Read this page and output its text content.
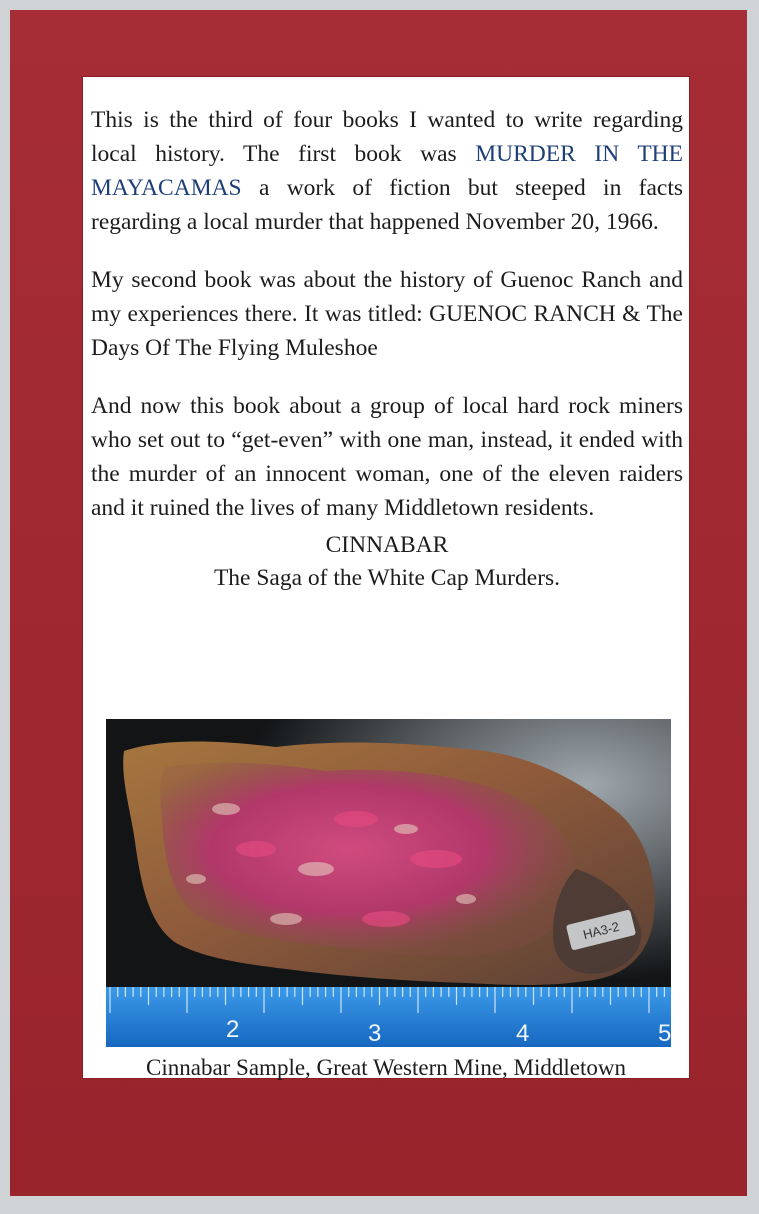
This is the third of four books I wanted to write regarding local history. The first book was MURDER IN THE MAYACAMAS a work of fiction but steeped in facts regarding a local murder that happened November 20, 1966.

My second book was about the history of Guenoc Ranch and my experiences there. It was titled: GUENOC RANCH & The Days Of The Flying Muleshoe

And now this book about a group of local hard rock miners who set out to “get-even” with one man, instead, it ended with the murder of an innocent woman, one of the eleven raiders and it ruined the lives of many Middletown residents.

CINNABAR

The Saga of the White Cap Murders.

HA3-2
2	3	4	5
Cinnabar Sample, Great Western Mine, Middletown
